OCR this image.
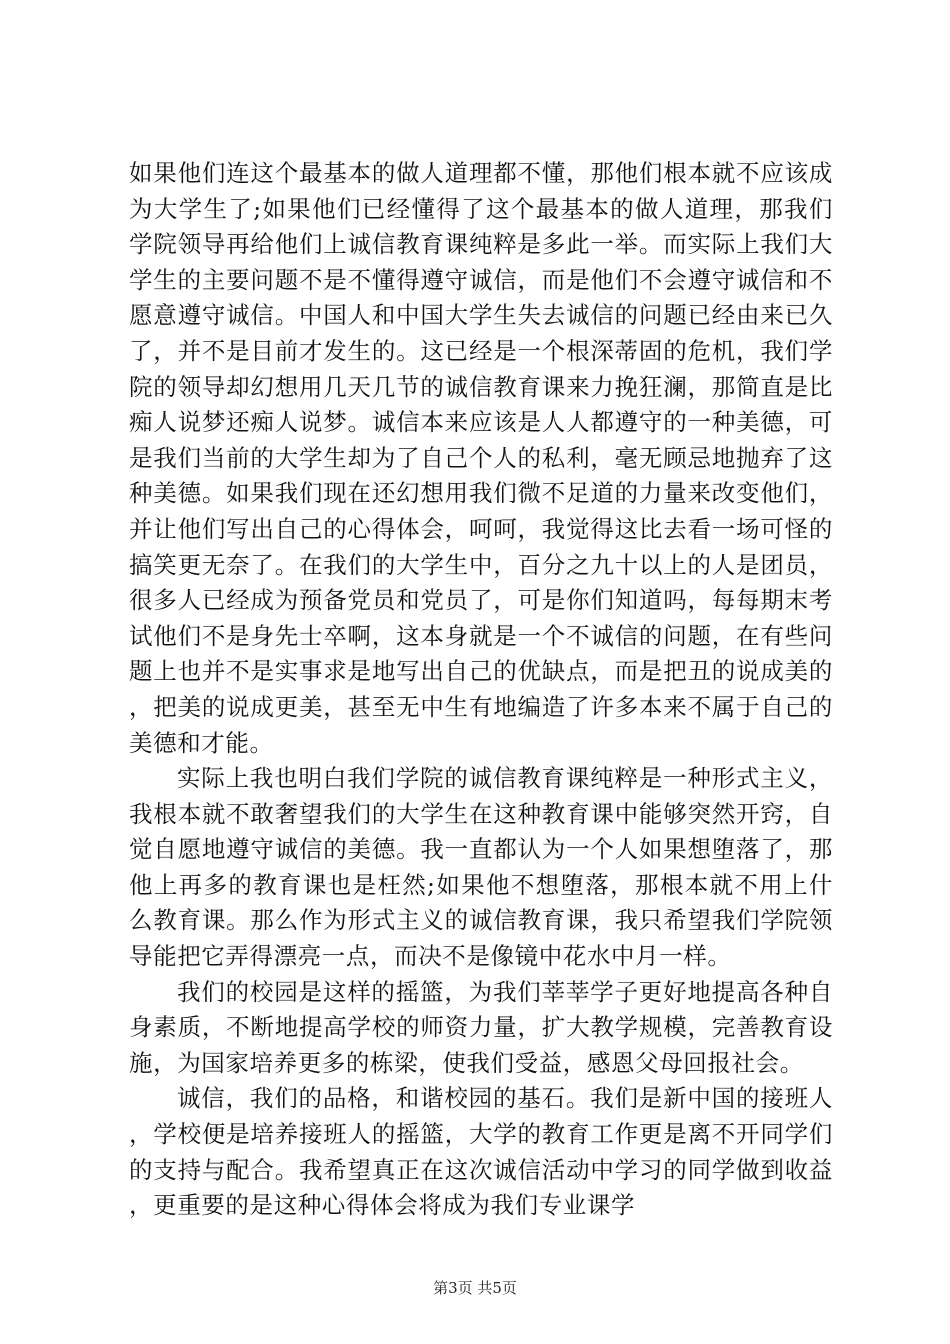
如果他们连这个最基本的做人道理都不懂，那他们根本就不应该成为大学生了;如果他们已经懂得了这个最基本的做人道理，那我们学院领导再给他们上诚信教育课纯粹是多此一举。而实际上我们大学生的主要问题不是不懂得遵守诚信，而是他们不会遵守诚信和不愿意遵守诚信。中国人和中国大学生失去诚信的问题已经由来已久了，并不是目前才发生的。这已经是一个根深蒂固的危机，我们学院的领导却幻想用几天几节的诚信教育课来力挽狂澜，那简直是比痴人说梦还痴人说梦。诚信本来应该是人人都遵守的一种美德，可是我们当前的大学生却为了自己个人的私利，毫无顾忌地抛弃了这种美德。如果我们现在还幻想用我们微不足道的力量来改变他们，并让他们写出自己的心得体会，呵呵，我觉得这比去看一场可怪的搞笑更无奈了。在我们的大学生中，百分之九十以上的人是团员，很多人已经成为预备党员和党员了，可是你们知道吗，每每期末考试他们不是身先士卒啊，这本身就是一个不诚信的问题，在有些问题上也并不是实事求是地写出自己的优缺点，而是把丑的说成美的，把美的说成更美，甚至无中生有地编造了许多本来不属于自己的美德和才能。

实际上我也明白我们学院的诚信教育课纯粹是一种形式主义，我根本就不敢奢望我们的大学生在这种教育课中能够突然开窍，自觉自愿地遵守诚信的美德。我一直都认为一个人如果想堕落了，那他上再多的教育课也是枉然;如果他不想堕落，那根本就不用上什么教育课。那么作为形式主义的诚信教育课，我只希望我们学院领导能把它弄得漂亮一点，而决不是像镜中花水中月一样。

我们的校园是这样的摇篮，为我们莘莘学子更好地提高各种自身素质，不断地提高学校的师资力量，扩大教学规模，完善教育设施，为国家培养更多的栋梁，使我们受益，感恩父母回报社会。

诚信，我们的品格，和谐校园的基石。我们是新中国的接班人，学校便是培养接班人的摇篮，大学的教育工作更是离不开同学们的支持与配合。我希望真正在这次诚信活动中学习的同学做到收益，更重要的是这种心得体会将成为我们专业课学

第3页 共5页
